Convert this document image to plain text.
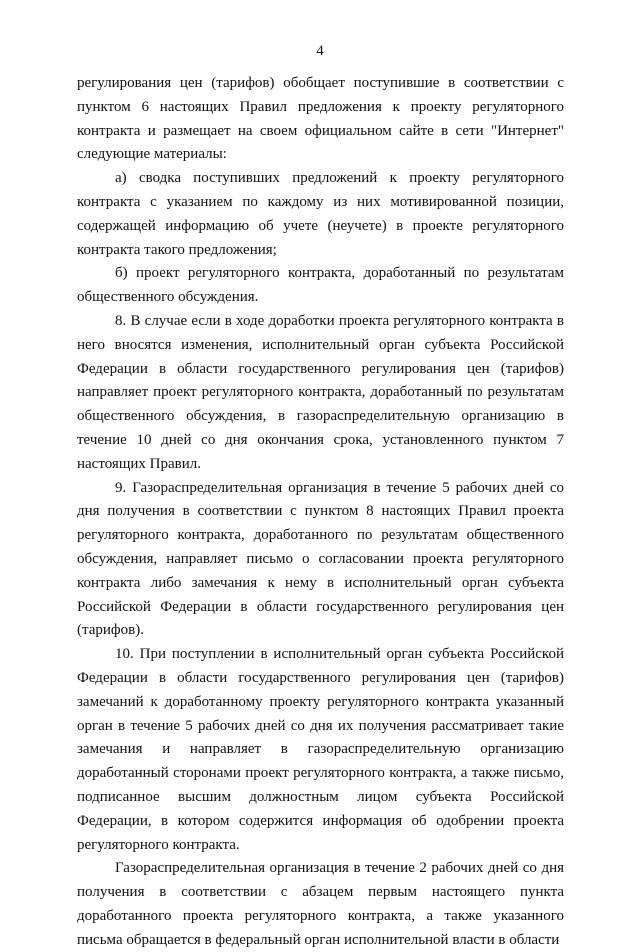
4

регулирования цен (тарифов) обобщает поступившие в соответствии с пунктом 6 настоящих Правил предложения к проекту регуляторного контракта и размещает на своем официальном сайте в сети "Интернет" следующие материалы:

а) сводка поступивших предложений к проекту регуляторного контракта с указанием по каждому из них мотивированной позиции, содержащей информацию об учете (неучете) в проекте регуляторного контракта такого предложения;

б) проект регуляторного контракта, доработанный по результатам общественного обсуждения.

8. В случае если в ходе доработки проекта регуляторного контракта в него вносятся изменения, исполнительный орган субъекта Российской Федерации в области государственного регулирования цен (тарифов) направляет проект регуляторного контракта, доработанный по результатам общественного обсуждения, в газораспределительную организацию в течение 10 дней со дня окончания срока, установленного пунктом 7 настоящих Правил.

9. Газораспределительная организация в течение 5 рабочих дней со дня получения в соответствии с пунктом 8 настоящих Правил проекта регуляторного контракта, доработанного по результатам общественного обсуждения, направляет письмо о согласовании проекта регуляторного контракта либо замечания к нему в исполнительный орган субъекта Российской Федерации в области государственного регулирования цен (тарифов).

10. При поступлении в исполнительный орган субъекта Российской Федерации в области государственного регулирования цен (тарифов) замечаний к доработанному проекту регуляторного контракта указанный орган в течение 5 рабочих дней со дня их получения рассматривает такие замечания и направляет в газораспределительную организацию доработанный сторонами проект регуляторного контракта, а также письмо, подписанное высшим должностным лицом субъекта Российской Федерации, в котором содержится информация об одобрении проекта регуляторного контракта.

Газораспределительная организация в течение 2 рабочих дней со дня получения в соответствии с абзацем первым настоящего пункта доработанного проекта регуляторного контракта, а также указанного письма обращается в федеральный орган исполнительной власти в области
